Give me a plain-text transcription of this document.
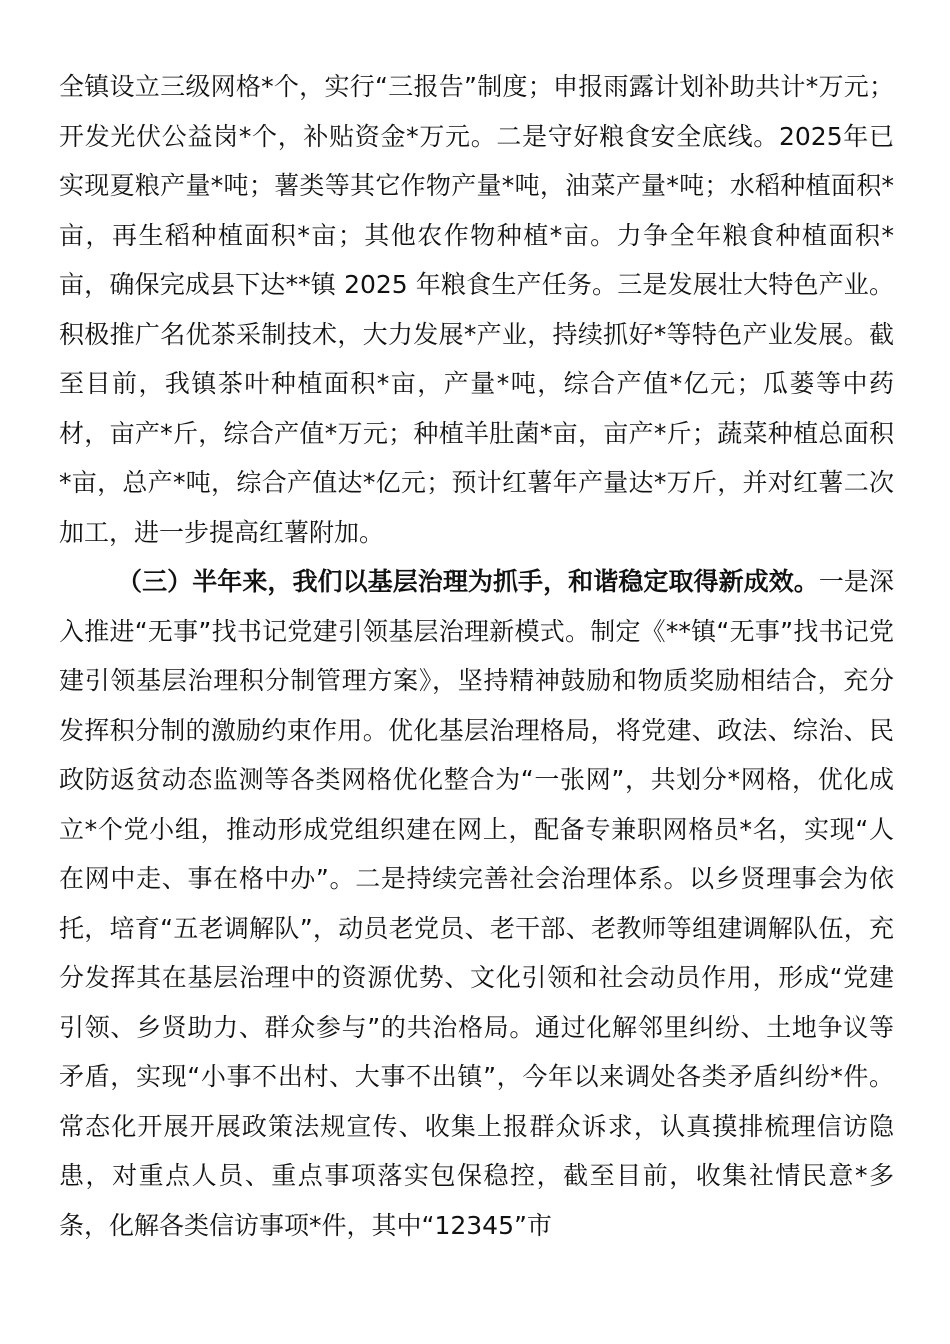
全镇设立三级网格*个，实行“三报告”制度；申报雨露计划补助共计*万元；开发光伏公益岗*个，补贴资金*万元。二是守好粮食安全底线。2025年已实现夏粮产量*吨；薯类等其它作物产量*吨，油菜产量*吨；水稻种植面积*亩，再生稻种植面积*亩；其他农作物种植*亩。力争全年粮食种植面积*亩，确保完成县下达**镇 2025 年粮食生产任务。三是发展壮大特色产业。积极推广名优茶采制技术，大力发展*产业，持续抓好*等特色产业发展。截至目前，我镇茶叶种植面积*亩，产量*吨，综合产值*亿元；瓜蒌等中药材，亩产*斤，综合产值*万元；种植羊肚菌*亩，亩产*斤；蔬菜种植总面积*亩，总产*吨，综合产值达*亿元；预计红薯年产量达*万斤，并对红薯二次加工，进一步提高红薯附加。

（三）半年来，我们以基层治理为抓手，和谐稳定取得新成效。一是深入推进“无事”找书记党建引领基层治理新模式。制定《**镇“无事”找书记党建引领基层治理积分制管理方案》，坚持精神鼓励和物质奖励相结合，充分发挥积分制的激励约束作用。优化基层治理格局，将党建、政法、综治、民政防返贫动态监测等各类网格优化整合为“一张网”，共划分*网格，优化成立*个党小组，推动形成党组织建在网上，配备专兼职网格员*名，实现“人在网中走、事在格中办”。二是持续完善社会治理体系。以乡贤理事会为依托，培育“五老调解队”，动员老党员、老干部、老教师等组建调解队伍，充分发挥其在基层治理中的资源优势、文化引领和社会动员作用，形成“党建引领、乡贤助力、群众参与”的共治格局。通过化解邻里纠纷、土地争议等矛盾，实现“小事不出村、大事不出镇”，今年以来调处各类矛盾纠纷*件。常态化开展开展政策法规宣传、收集上报群众诉求，认真摸排梳理信访隐患，对重点人员、重点事项落实包保稳控，截至目前，收集社情民意*多条，化解各类信访事项*件，其中“12345”市
